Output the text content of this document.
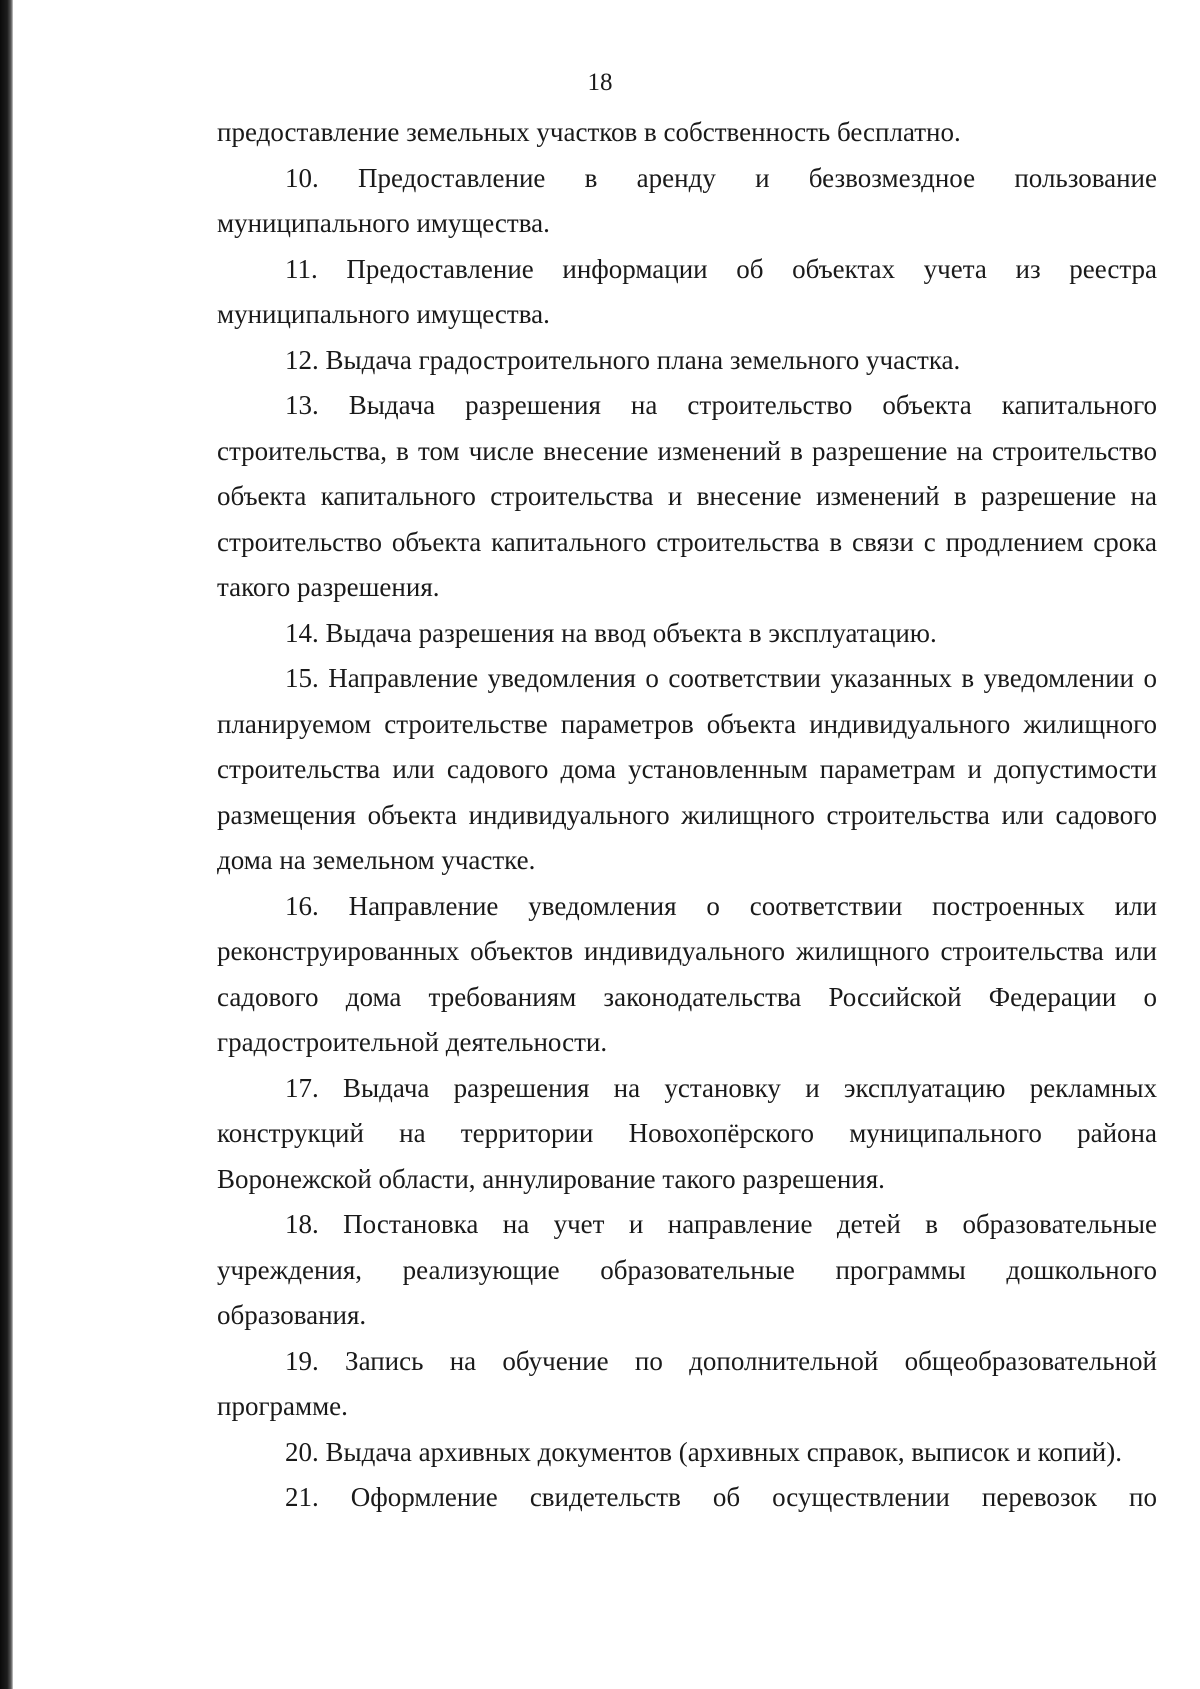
18

предоставление земельных участков в собственность бесплатно.

10. Предоставление в аренду и безвозмездное пользование муниципального имущества.

11. Предоставление информации об объектах учета из реестра муниципального имущества.

12. Выдача градостроительного плана земельного участка.

13. Выдача разрешения на строительство объекта капитального строительства, в том числе внесение изменений в разрешение на строительство объекта капитального строительства и внесение изменений в разрешение на строительство объекта капитального строительства в связи с продлением срока такого разрешения.

14. Выдача разрешения на ввод объекта в эксплуатацию.

15. Направление уведомления о соответствии указанных в уведомлении о планируемом строительстве параметров объекта индивидуального жилищного строительства или садового дома установленным параметрам и допустимости размещения объекта индивидуального жилищного строительства или садового дома на земельном участке.

16. Направление уведомления о соответствии построенных или реконструированных объектов индивидуального жилищного строительства или садового дома требованиям законодательства Российской Федерации о градостроительной деятельности.

17. Выдача разрешения на установку и эксплуатацию рекламных конструкций на территории Новохопёрского муниципального района Воронежской области, аннулирование такого разрешения.

18. Постановка на учет и направление детей в образовательные учреждения, реализующие образовательные программы дошкольного образования.

19. Запись на обучение по дополнительной общеобразовательной программе.

20. Выдача архивных документов (архивных справок, выписок и копий).

21. Оформление свидетельств об осуществлении перевозок по
